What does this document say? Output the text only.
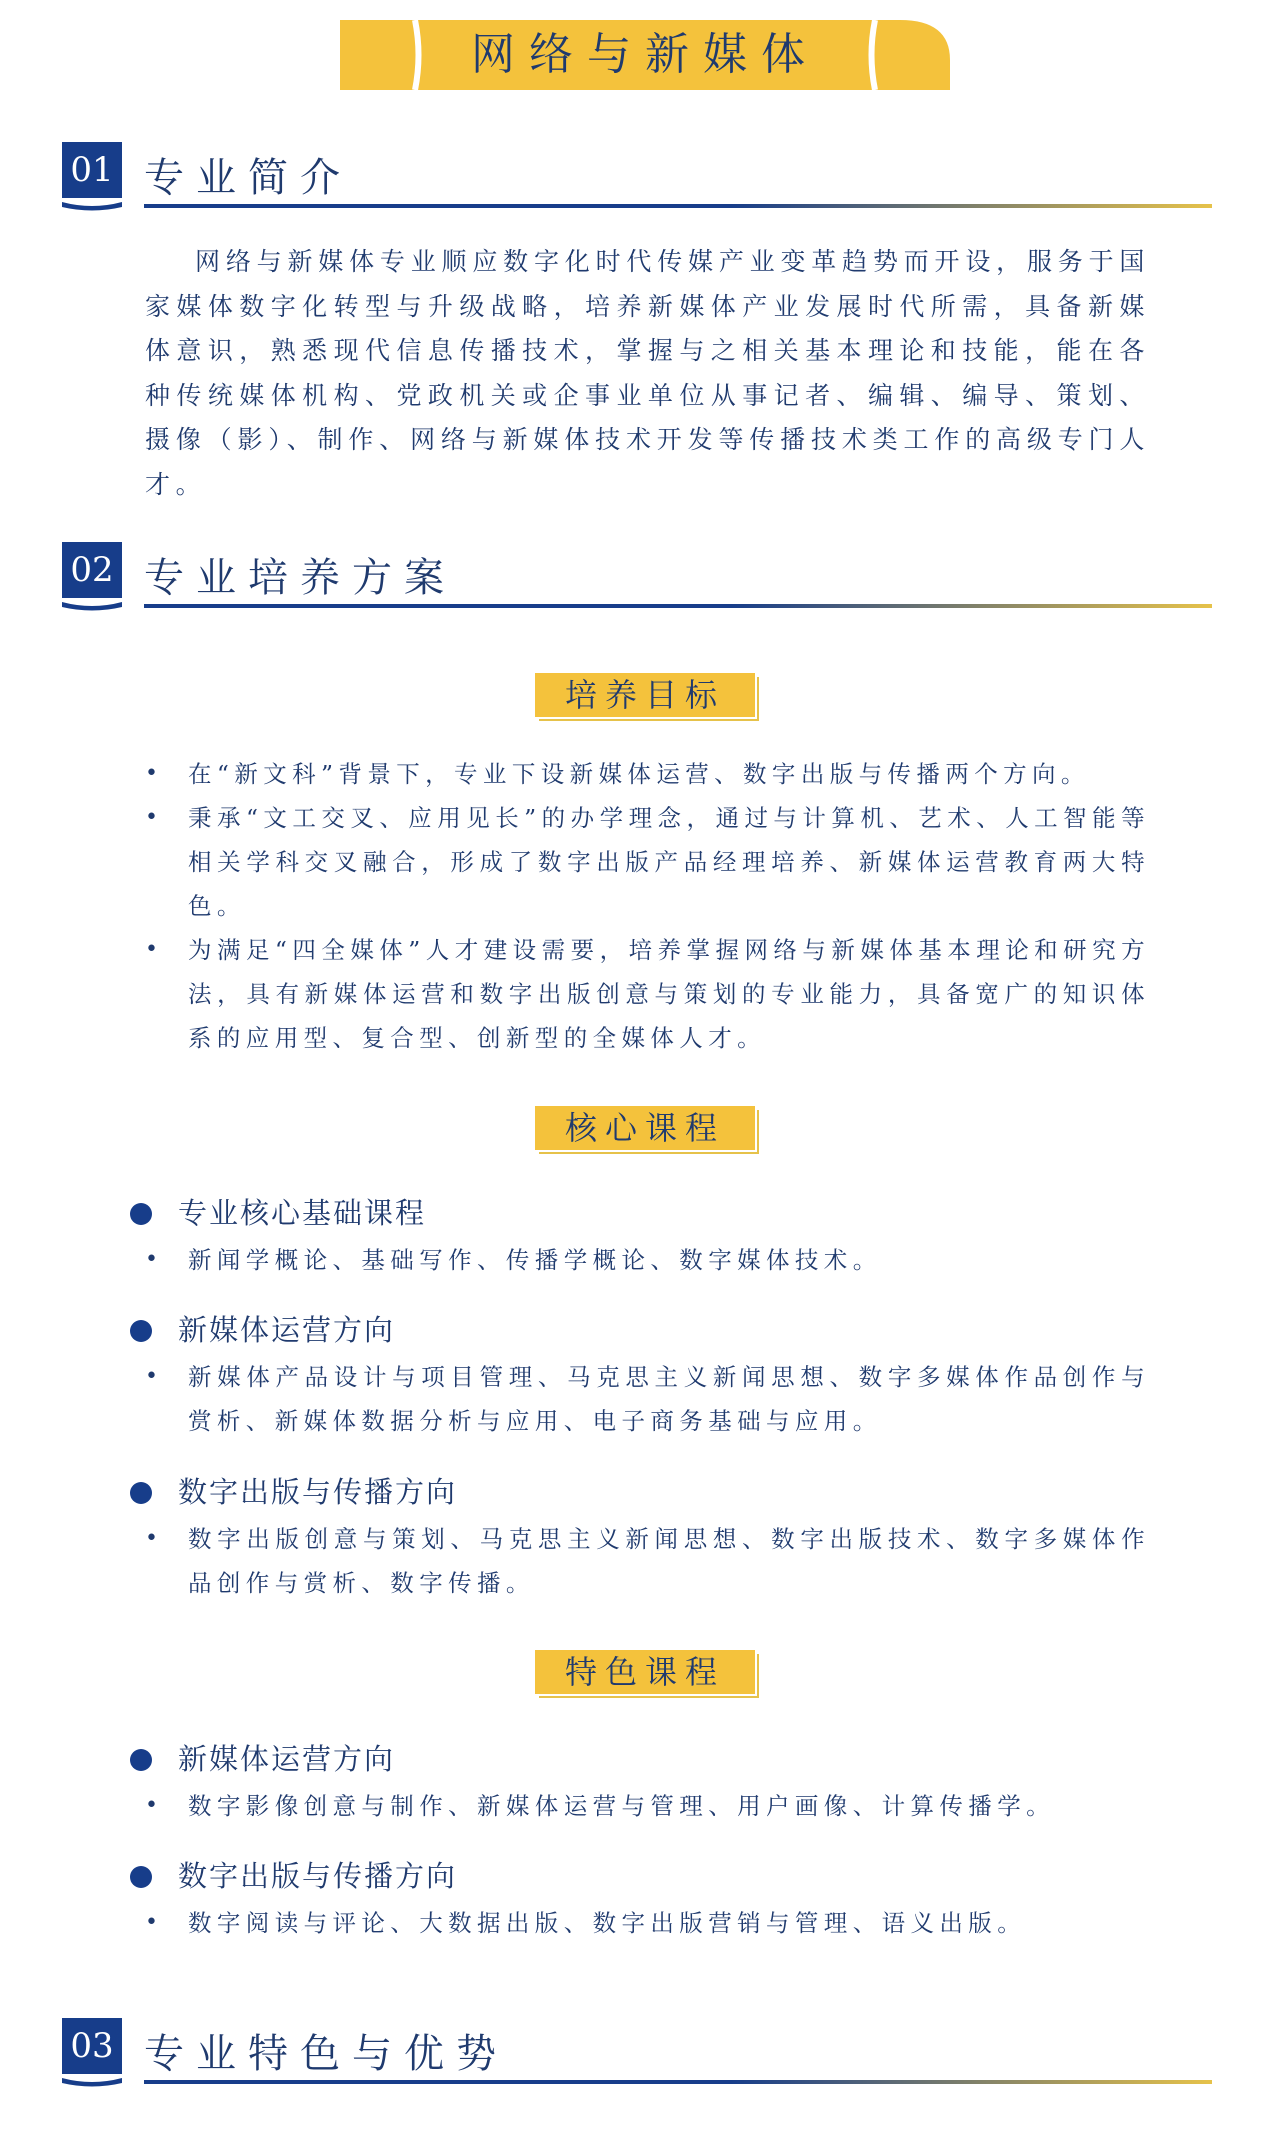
网络与新媒体
01 专业简介

网络与新媒体专业顺应数字化时代传媒产业变革趋势而开设，服务于国家媒体数字化转型与升级战略，培养新媒体产业发展时代所需，具备新媒体意识，熟悉现代信息传播技术，掌握与之相关基本理论和技能，能在各种传统媒体机构、党政机关或企事业单位从事记者、编辑、编导、策划、摄像（影）、制作、网络与新媒体技术开发等传播技术类工作的高级专门人才。

02 专业培养方案
培养目标

• 在“新文科”背景下，专业下设新媒体运营、数字出版与传播两个方向。

• 秉承“文工交叉、应用见长”的办学理念，通过与计算机、艺术、人工智能等相关学科交叉融合，形成了数字出版产品经理培养、新媒体运营教育两大特色。

• 为满足“四全媒体”人才建设需要，培养掌握网络与新媒体基本理论和研究方法，具有新媒体运营和数字出版创意与策划的专业能力，具备宽广的知识体系的应用型、复合型、创新型的全媒体人才。

核心课程
专业核心基础课程

• 新闻学概论、基础写作、传播学概论、数字媒体技术。

新媒体运营方向

• 新媒体产品设计与项目管理、马克思主义新闻思想、数字多媒体作品创作与赏析、新媒体数据分析与应用、电子商务基础与应用。

数字出版与传播方向

• 数字出版创意与策划、马克思主义新闻思想、数字出版技术、数字多媒体作品创作与赏析、数字传播。

特色课程
新媒体运营方向

• 数字影像创意与制作、新媒体运营与管理、用户画像、计算传播学。

数字出版与传播方向

• 数字阅读与评论、大数据出版、数字出版营销与管理、语义出版。

03 专业特色与优势
